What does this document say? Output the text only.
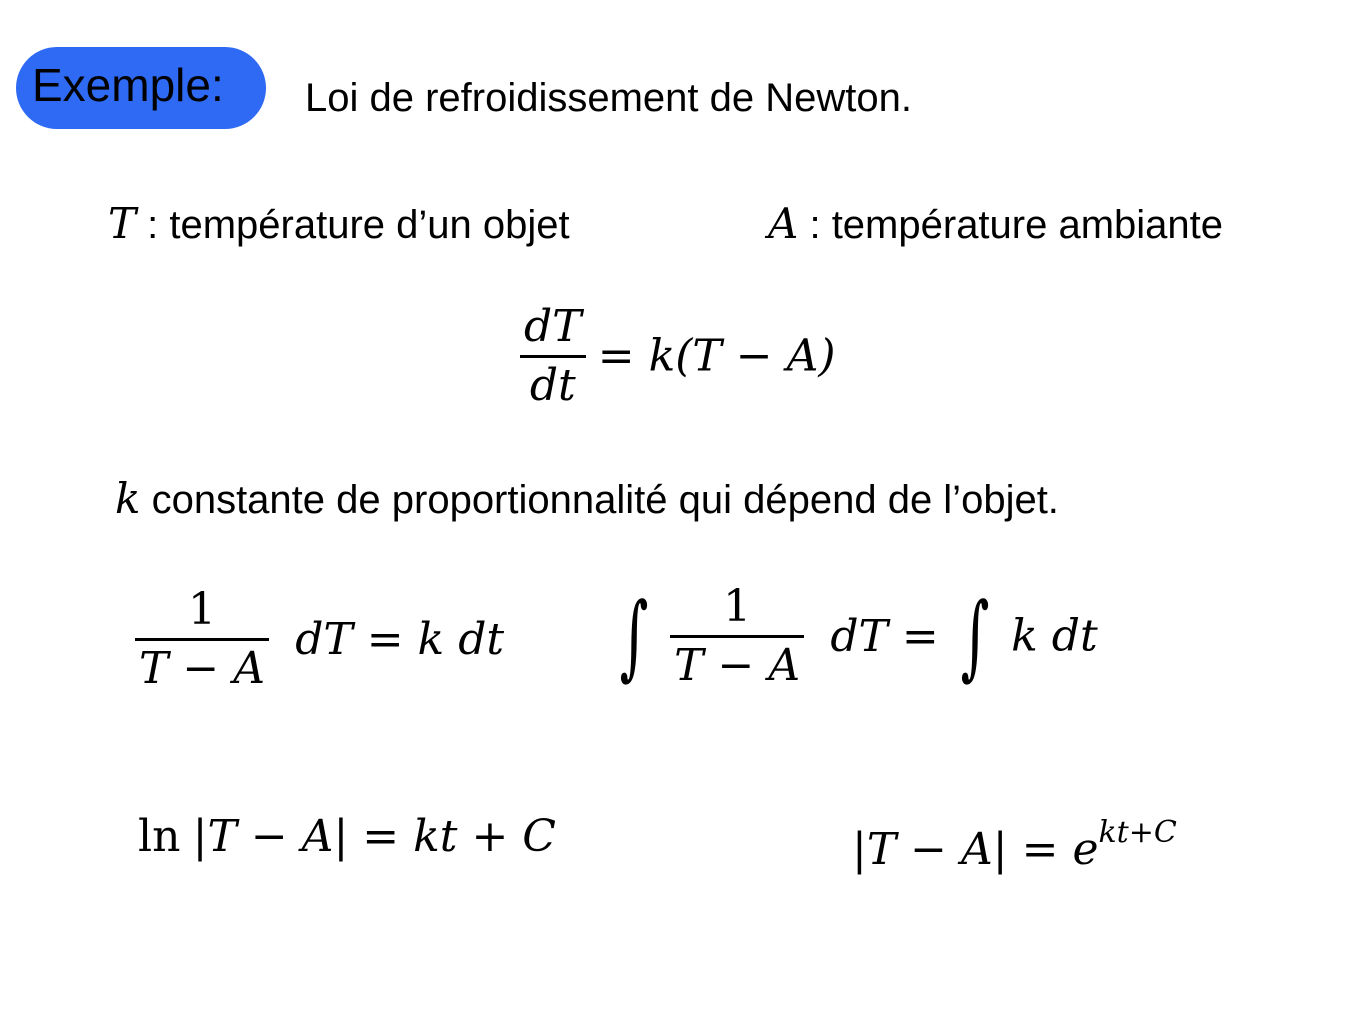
Exemple: Loi de refroidissement de Newton.
T : température d’un objet	A : température ambiante
$\frac{dT}{dt} = k(T - A)$
k constante de proportionnalité qui dépend de l’objet.
$\frac{1}{T - A}$ dT = k dt ∫ $\frac{1}{T - A}$ dT = ∫ k dt
ln |T − A| = kt + C	$|T - A| = e^{kt+C}$
